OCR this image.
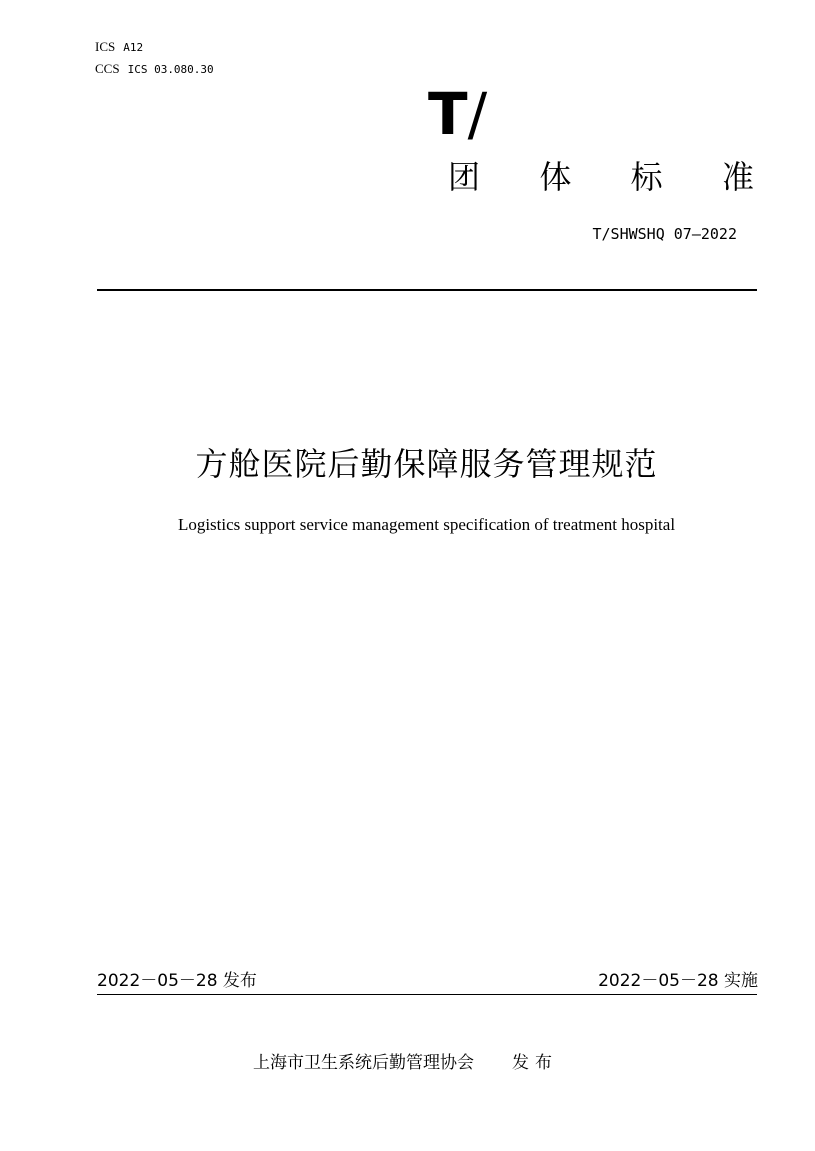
ICS A12
CCS ICS 03.080.30
T/
团 体 标 准
T/SHWSHQ 07—2022
方舱医院后勤保障服务管理规范
Logistics support service management specification of treatment hospital
2022－05－28 发布	2022－05－28 实施
上海市卫生系统后勤管理协会 发布
